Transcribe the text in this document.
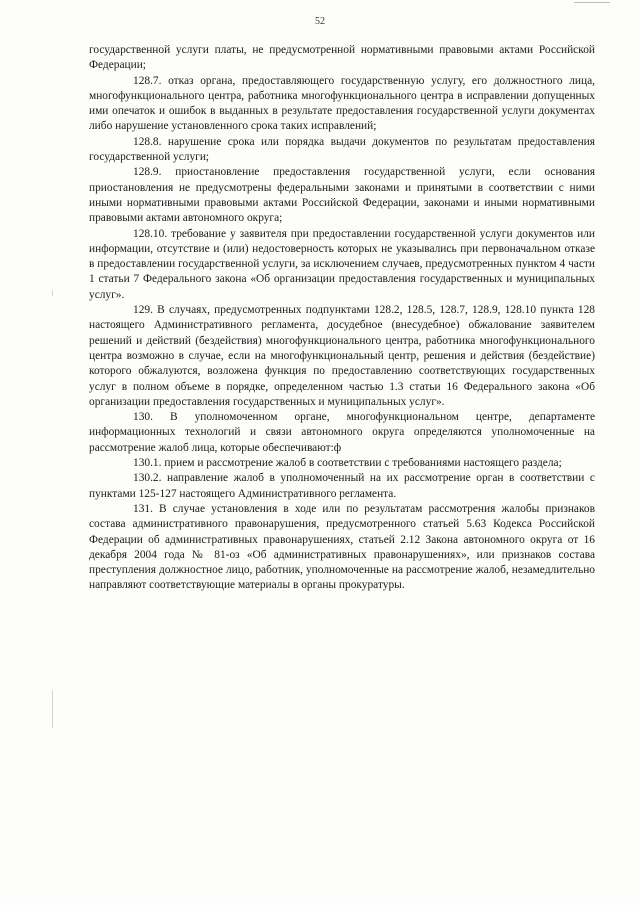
52

государственной услуги платы, не предусмотренной нормативными правовыми актами Российской Федерации;

128.7. отказ органа, предоставляющего государственную услугу, его должностного лица, многофункционального центра, работника многофункционального центра в исправлении допущенных ими опечаток и ошибок в выданных в результате предоставления государственной услуги документах либо нарушение установленного срока таких исправлений;

128.8. нарушение срока или порядка выдачи документов по результатам предоставления государственной услуги;

128.9. приостановление предоставления государственной услуги, если основания приостановления не предусмотрены федеральными законами и принятыми в соответствии с ними иными нормативными правовыми актами Российской Федерации, законами и иными нормативными правовыми актами автономного округа;

128.10. требование у заявителя при предоставлении государственной услуги документов или информации, отсутствие и (или) недостоверность которых не указывались при первоначальном отказе в предоставлении государственной услуги, за исключением случаев, предусмотренных пунктом 4 части 1 статьи 7 Федерального закона «Об организации предоставления государственных и муниципальных услуг».

129. В случаях, предусмотренных подпунктами 128.2, 128.5, 128.7, 128.9, 128.10 пункта 128 настоящего Административного регламента, досудебное (внесудебное) обжалование заявителем решений и действий (бездействия) многофункционального центра, работника многофункционального центра возможно в случае, если на многофункциональный центр, решения и действия (бездействие) которого обжалуются, возложена функция по предоставлению соответствующих государственных услуг в полном объеме в порядке, определенном частью 1.3 статьи 16 Федерального закона «Об организации предоставления государственных и муниципальных услуг».

130. В уполномоченном органе, многофункциональном центре, департаменте информационных технологий и связи автономного округа определяются уполномоченные на рассмотрение жалоб лица, которые обеспечивают:ф

130.1. прием и рассмотрение жалоб в соответствии с требованиями настоящего раздела;

130.2. направление жалоб в уполномоченный на их рассмотрение орган в соответствии с пунктами 125-127 настоящего Административного регламента.

131. В случае установления в ходе или по результатам рассмотрения жалобы признаков состава административного правонарушения, предусмотренного статьей 5.63 Кодекса Российской Федерации об административных правонарушениях, статьей 2.12 Закона автономного округа от 16 декабря 2004 года № 81-оз «Об административных правонарушениях», или признаков состава преступления должностное лицо, работник, уполномоченные на рассмотрение жалоб, незамедлительно направляют соответствующие материалы в органы прокуратуры.
